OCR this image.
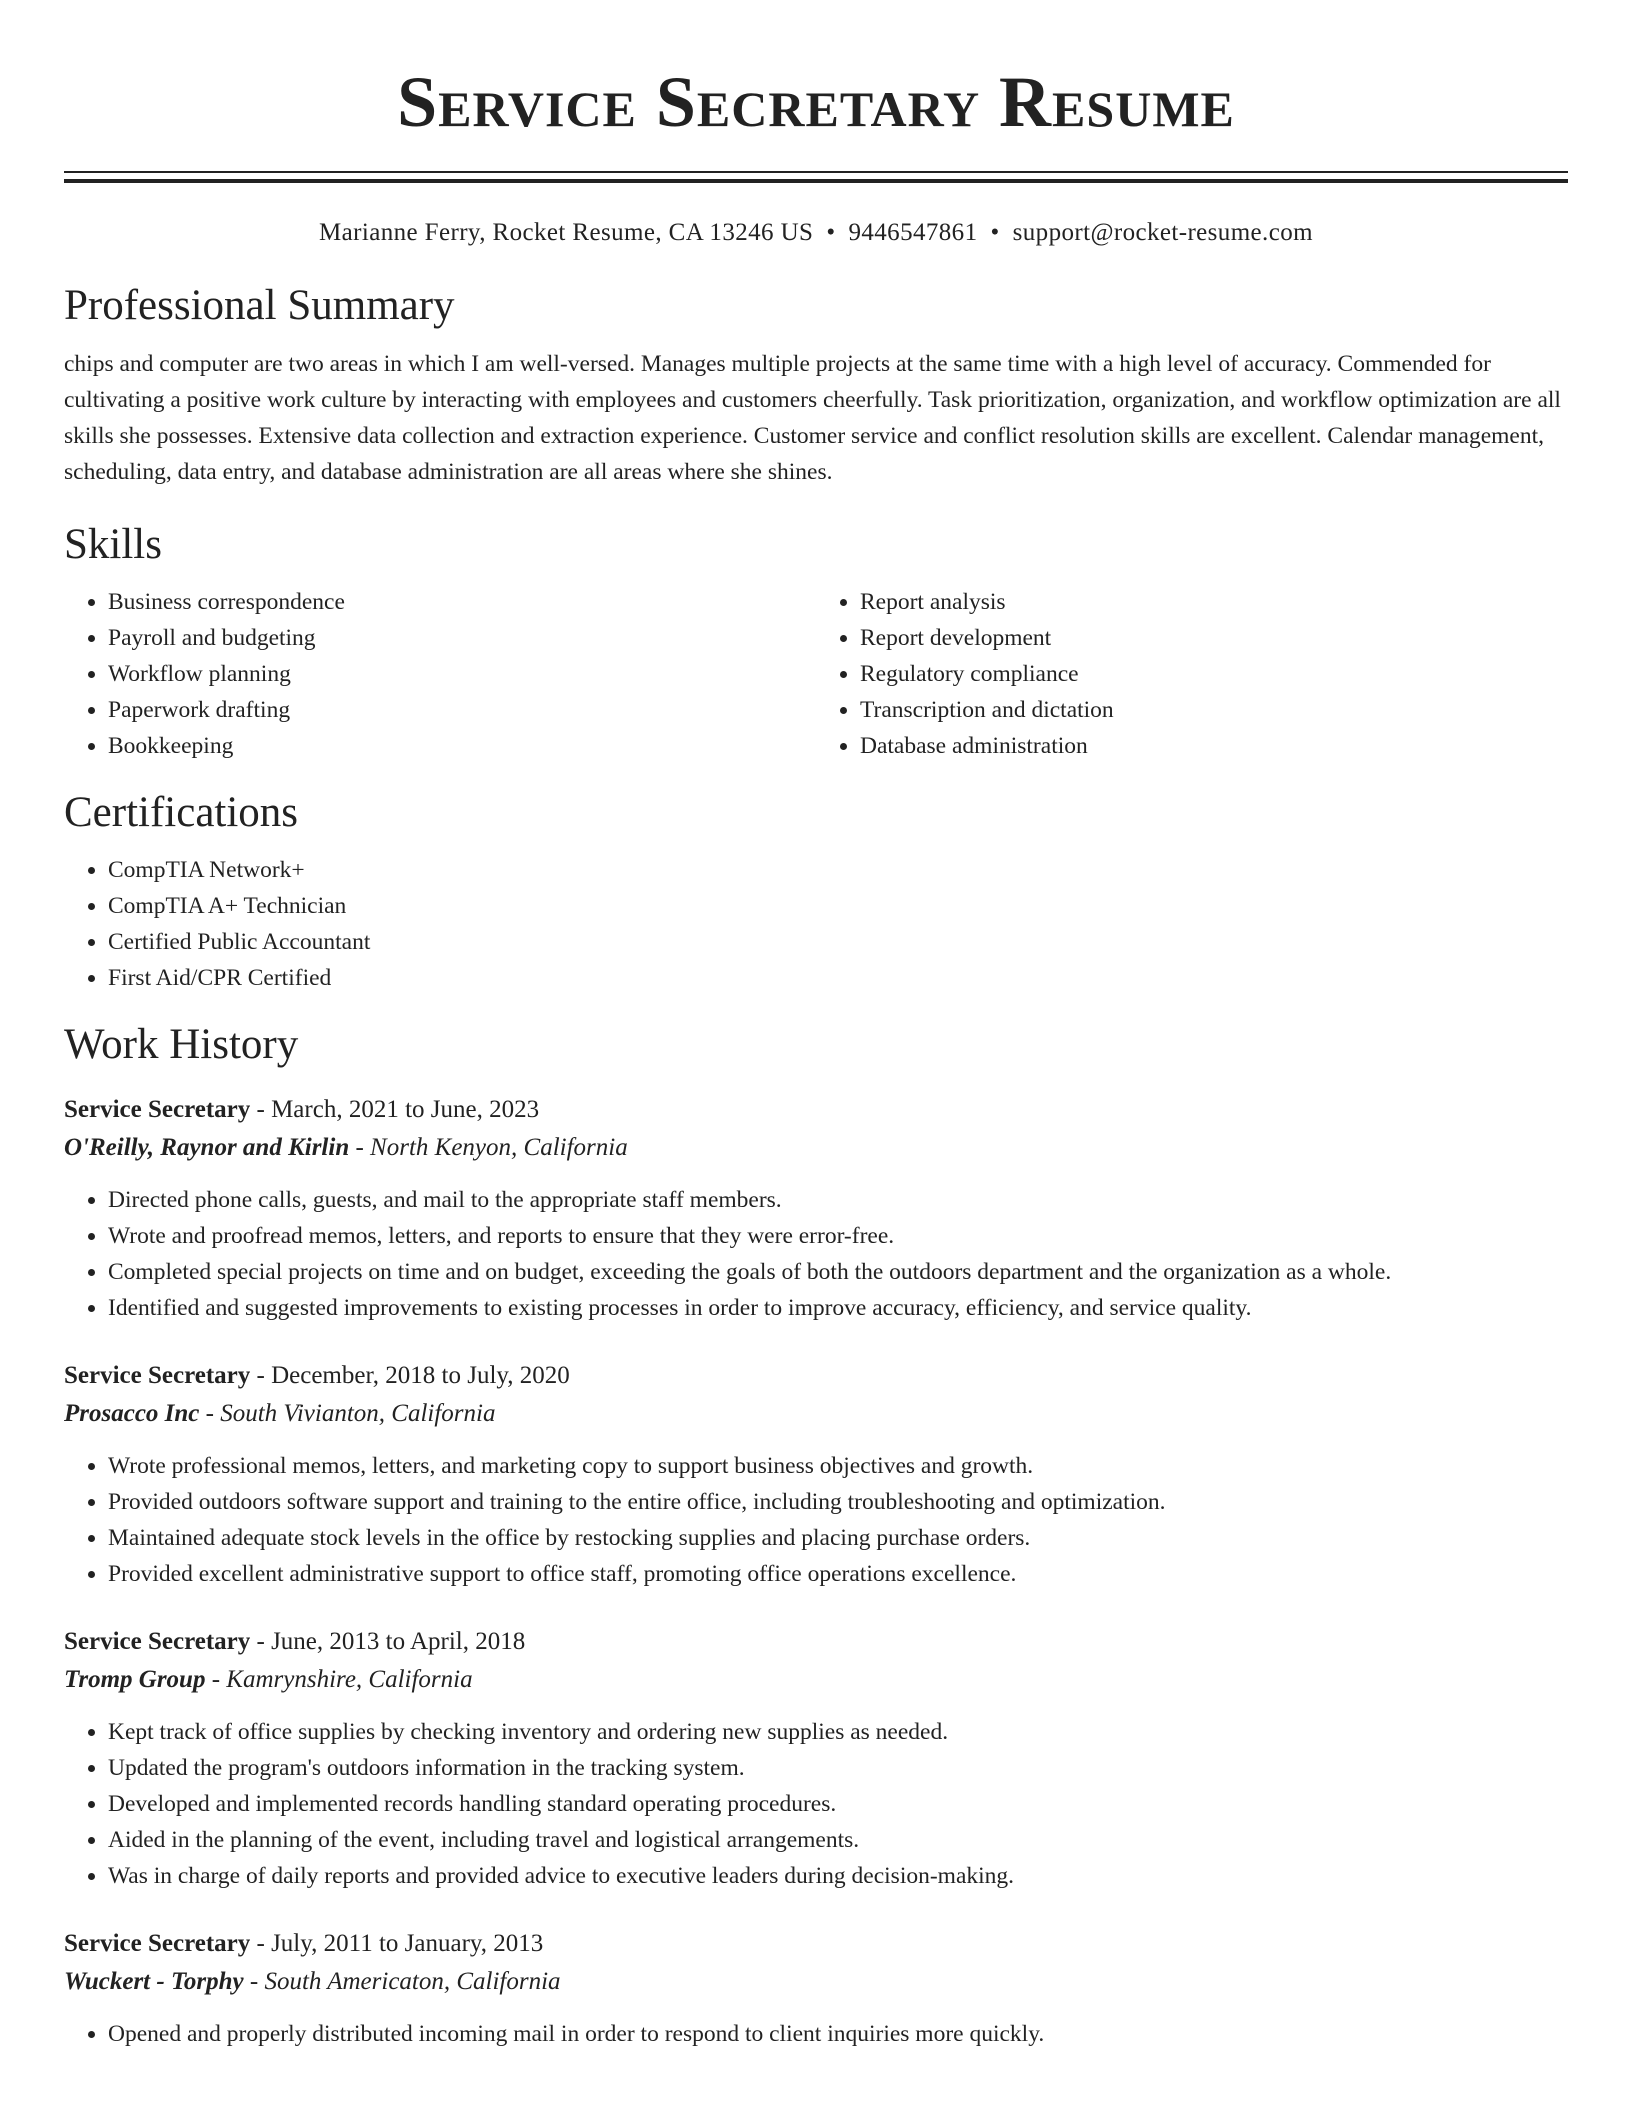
Service Secretary Resume
Marianne Ferry, Rocket Resume, CA 13246 US • 9446547861 • support@rocket-resume.com
Professional Summary

chips and computer are two areas in which I am well-versed. Manages multiple projects at the same time with a high level of accuracy. Commended for cultivating a positive work culture by interacting with employees and customers cheerfully. Task prioritization, organization, and workflow optimization are all skills she possesses. Extensive data collection and extraction experience. Customer service and conflict resolution skills are excellent. Calendar management, scheduling, data entry, and database administration are all areas where she shines.

Skills
• Business correspondence
• Payroll and budgeting
• Workflow planning
• Paperwork drafting
• Bookkeeping
• Report analysis
• Report development
• Regulatory compliance
• Transcription and dictation
• Database administration
Certifications
• CompTIA Network+
• CompTIA A+ Technician
• Certified Public Accountant
• First Aid/CPR Certified
Work History
Service Secretary - March, 2021 to June, 2023
O'Reilly, Raynor and Kirlin - North Kenyon, California
• Directed phone calls, guests, and mail to the appropriate staff members.
• Wrote and proofread memos, letters, and reports to ensure that they were error-free.
• Completed special projects on time and on budget, exceeding the goals of both the outdoors department and the organization as a whole.
• Identified and suggested improvements to existing processes in order to improve accuracy, efficiency, and service quality.
Service Secretary - December, 2018 to July, 2020
Prosacco Inc - South Vivianton, California
• Wrote professional memos, letters, and marketing copy to support business objectives and growth.
• Provided outdoors software support and training to the entire office, including troubleshooting and optimization.
• Maintained adequate stock levels in the office by restocking supplies and placing purchase orders.
• Provided excellent administrative support to office staff, promoting office operations excellence.
Service Secretary - June, 2013 to April, 2018
Tromp Group - Kamrynshire, California
• Kept track of office supplies by checking inventory and ordering new supplies as needed.
• Updated the program's outdoors information in the tracking system.
• Developed and implemented records handling standard operating procedures.
• Aided in the planning of the event, including travel and logistical arrangements.
• Was in charge of daily reports and provided advice to executive leaders during decision-making.
Service Secretary - July, 2011 to January, 2013
Wuckert - Torphy - South Americaton, California
• Opened and properly distributed incoming mail in order to respond to client inquiries more quickly.
